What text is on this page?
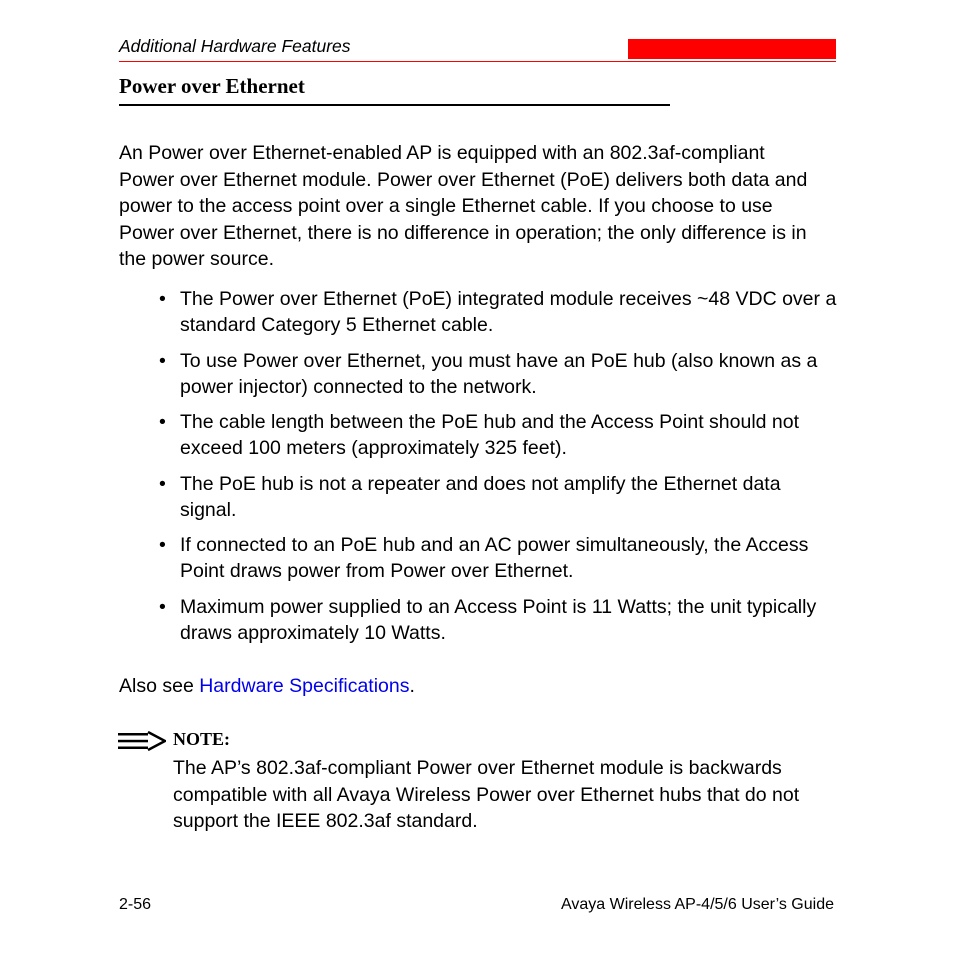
Additional Hardware Features
Power over Ethernet

An Power over Ethernet-enabled AP is equipped with an 802.3af-compliant Power over Ethernet module. Power over Ethernet (PoE) delivers both data and power to the access point over a single Ethernet cable. If you choose to use Power over Ethernet, there is no difference in operation; the only difference is in the power source.

• The Power over Ethernet (PoE) integrated module receives ~48 VDC over a standard Category 5 Ethernet cable.
• To use Power over Ethernet, you must have an PoE hub (also known as a power injector) connected to the network.
• The cable length between the PoE hub and the Access Point should not exceed 100 meters (approximately 325 feet).
• The PoE hub is not a repeater and does not amplify the Ethernet data signal.
• If connected to an PoE hub and an AC power simultaneously, the Access Point draws power from Power over Ethernet.
• Maximum power supplied to an Access Point is 11 Watts; the unit typically draws approximately 10 Watts.
Also see Hardware Specifications.
NOTE:

The AP’s 802.3af-compliant Power over Ethernet module is backwards compatible with all Avaya Wireless Power over Ethernet hubs that do not support the IEEE 802.3af standard.

2-56	Avaya Wireless AP-4/5/6 User’s Guide
